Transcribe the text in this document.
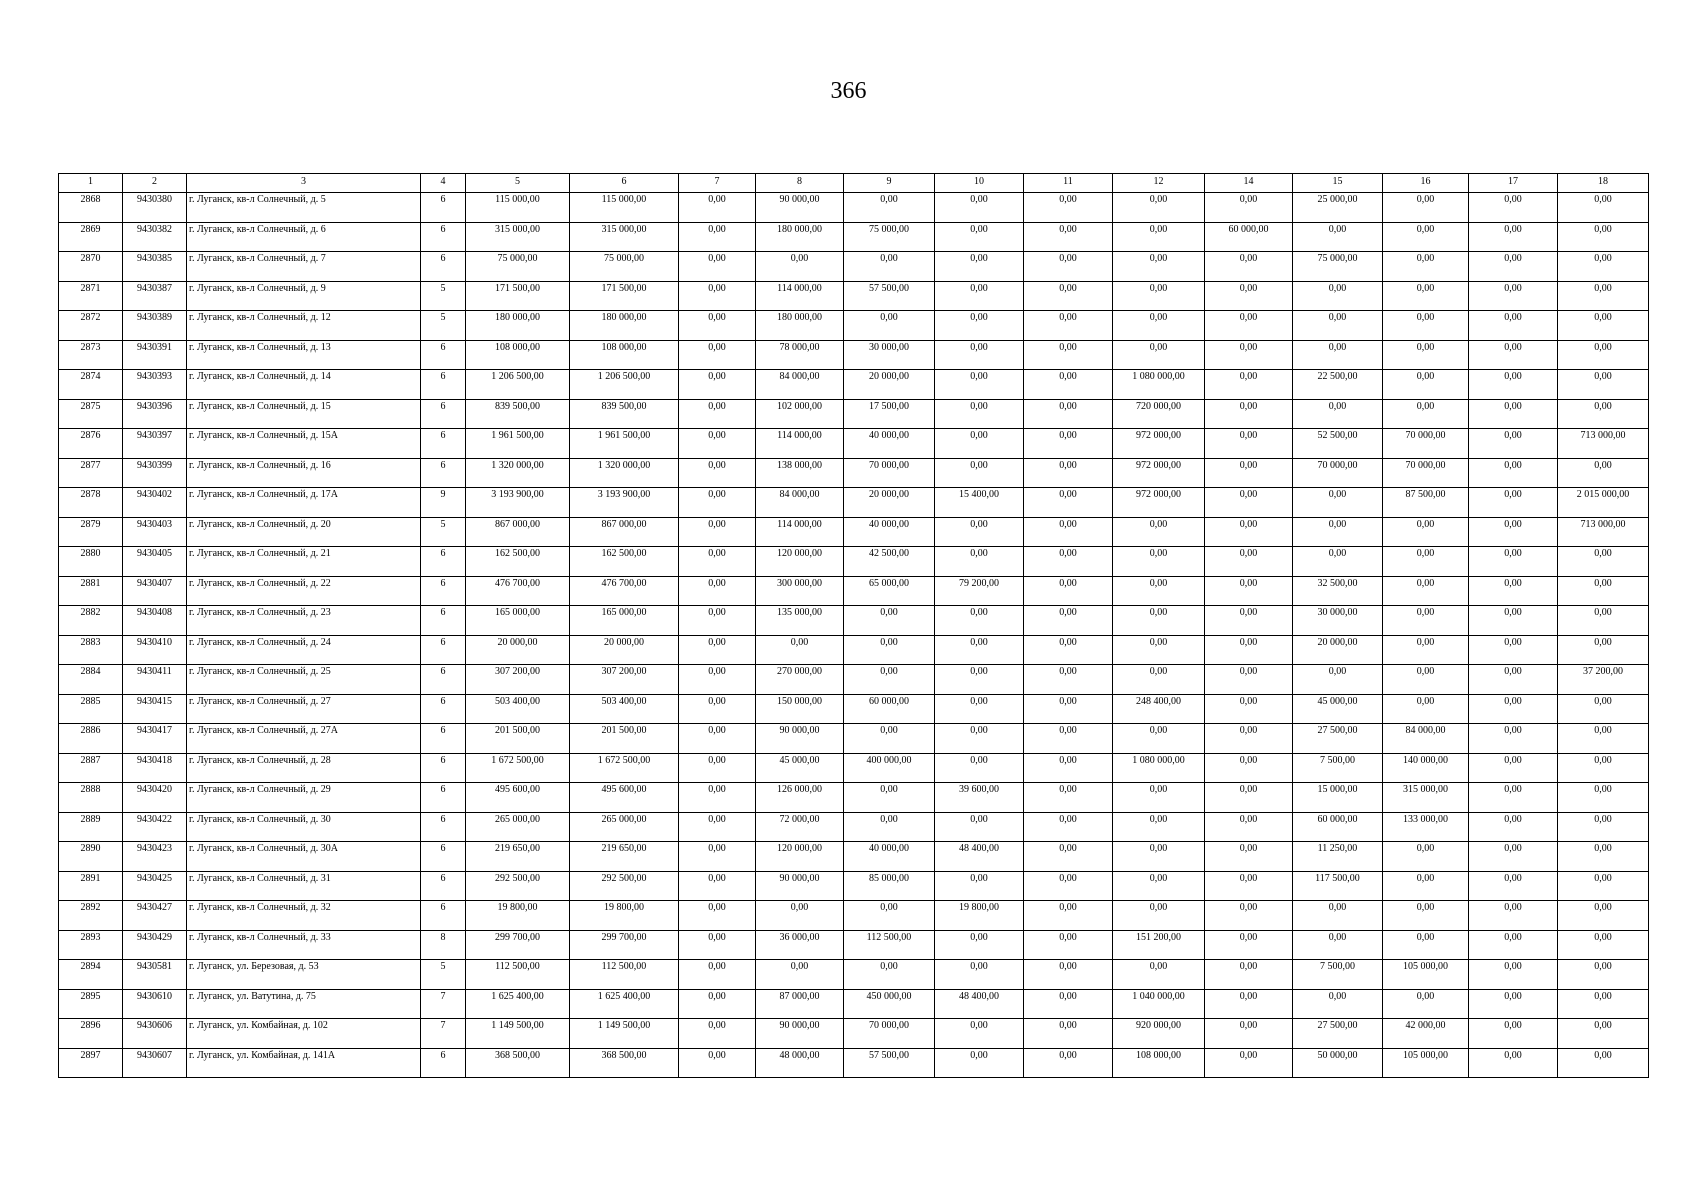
366
1	2	3	4	5	6	7	8	9	10	11	12	14	15	16	17	18
2868	9430380	г. Луганск, кв-л Солнечный, д. 5	6	115 000,00	115 000,00	0,00	90 000,00	0,00	0,00	0,00	0,00	0,00	25 000,00	0,00	0,00	0,00
2869	9430382	г. Луганск, кв-л Солнечный, д. 6	6	315 000,00	315 000,00	0,00	180 000,00	75 000,00	0,00	0,00	0,00	60 000,00	0,00	0,00	0,00	0,00
2870	9430385	г. Луганск, кв-л Солнечный, д. 7	6	75 000,00	75 000,00	0,00	0,00	0,00	0,00	0,00	0,00	0,00	75 000,00	0,00	0,00	0,00
2871	9430387	г. Луганск, кв-л Солнечный, д. 9	5	171 500,00	171 500,00	0,00	114 000,00	57 500,00	0,00	0,00	0,00	0,00	0,00	0,00	0,00	0,00
2872	9430389	г. Луганск, кв-л Солнечный, д. 12	5	180 000,00	180 000,00	0,00	180 000,00	0,00	0,00	0,00	0,00	0,00	0,00	0,00	0,00	0,00
2873	9430391	г. Луганск, кв-л Солнечный, д. 13	6	108 000,00	108 000,00	0,00	78 000,00	30 000,00	0,00	0,00	0,00	0,00	0,00	0,00	0,00	0,00
2874	9430393	г. Луганск, кв-л Солнечный, д. 14	6	1 206 500,00	1 206 500,00	0,00	84 000,00	20 000,00	0,00	0,00	1 080 000,00	0,00	22 500,00	0,00	0,00	0,00
2875	9430396	г. Луганск, кв-л Солнечный, д. 15	6	839 500,00	839 500,00	0,00	102 000,00	17 500,00	0,00	0,00	720 000,00	0,00	0,00	0,00	0,00	0,00
2876	9430397	г. Луганск, кв-л Солнечный, д. 15А	6	1 961 500,00	1 961 500,00	0,00	114 000,00	40 000,00	0,00	0,00	972 000,00	0,00	52 500,00	70 000,00	0,00	713 000,00
2877	9430399	г. Луганск, кв-л Солнечный, д. 16	6	1 320 000,00	1 320 000,00	0,00	138 000,00	70 000,00	0,00	0,00	972 000,00	0,00	70 000,00	70 000,00	0,00	0,00
2878	9430402	г. Луганск, кв-л Солнечный, д. 17А	9	3 193 900,00	3 193 900,00	0,00	84 000,00	20 000,00	15 400,00	0,00	972 000,00	0,00	0,00	87 500,00	0,00	2 015 000,00
2879	9430403	г. Луганск, кв-л Солнечный, д. 20	5	867 000,00	867 000,00	0,00	114 000,00	40 000,00	0,00	0,00	0,00	0,00	0,00	0,00	0,00	713 000,00
2880	9430405	г. Луганск, кв-л Солнечный, д. 21	6	162 500,00	162 500,00	0,00	120 000,00	42 500,00	0,00	0,00	0,00	0,00	0,00	0,00	0,00	0,00
2881	9430407	г. Луганск, кв-л Солнечный, д. 22	6	476 700,00	476 700,00	0,00	300 000,00	65 000,00	79 200,00	0,00	0,00	0,00	32 500,00	0,00	0,00	0,00
2882	9430408	г. Луганск, кв-л Солнечный, д. 23	6	165 000,00	165 000,00	0,00	135 000,00	0,00	0,00	0,00	0,00	0,00	30 000,00	0,00	0,00	0,00
2883	9430410	г. Луганск, кв-л Солнечный, д. 24	6	20 000,00	20 000,00	0,00	0,00	0,00	0,00	0,00	0,00	0,00	20 000,00	0,00	0,00	0,00
2884	9430411	г. Луганск, кв-л Солнечный, д. 25	6	307 200,00	307 200,00	0,00	270 000,00	0,00	0,00	0,00	0,00	0,00	0,00	0,00	0,00	37 200,00
2885	9430415	г. Луганск, кв-л Солнечный, д. 27	6	503 400,00	503 400,00	0,00	150 000,00	60 000,00	0,00	0,00	248 400,00	0,00	45 000,00	0,00	0,00	0,00
2886	9430417	г. Луганск, кв-л Солнечный, д. 27А	6	201 500,00	201 500,00	0,00	90 000,00	0,00	0,00	0,00	0,00	0,00	27 500,00	84 000,00	0,00	0,00
2887	9430418	г. Луганск, кв-л Солнечный, д. 28	6	1 672 500,00	1 672 500,00	0,00	45 000,00	400 000,00	0,00	0,00	1 080 000,00	0,00	7 500,00	140 000,00	0,00	0,00
2888	9430420	г. Луганск, кв-л Солнечный, д. 29	6	495 600,00	495 600,00	0,00	126 000,00	0,00	39 600,00	0,00	0,00	0,00	15 000,00	315 000,00	0,00	0,00
2889	9430422	г. Луганск, кв-л Солнечный, д. 30	6	265 000,00	265 000,00	0,00	72 000,00	0,00	0,00	0,00	0,00	0,00	60 000,00	133 000,00	0,00	0,00
2890	9430423	г. Луганск, кв-л Солнечный, д. 30А	6	219 650,00	219 650,00	0,00	120 000,00	40 000,00	48 400,00	0,00	0,00	0,00	11 250,00	0,00	0,00	0,00
2891	9430425	г. Луганск, кв-л Солнечный, д. 31	6	292 500,00	292 500,00	0,00	90 000,00	85 000,00	0,00	0,00	0,00	0,00	117 500,00	0,00	0,00	0,00
2892	9430427	г. Луганск, кв-л Солнечный, д. 32	6	19 800,00	19 800,00	0,00	0,00	0,00	19 800,00	0,00	0,00	0,00	0,00	0,00	0,00	0,00
2893	9430429	г. Луганск, кв-л Солнечный, д. 33	8	299 700,00	299 700,00	0,00	36 000,00	112 500,00	0,00	0,00	151 200,00	0,00	0,00	0,00	0,00	0,00
2894	9430581	г. Луганск, ул. Березовая, д. 53	5	112 500,00	112 500,00	0,00	0,00	0,00	0,00	0,00	0,00	0,00	7 500,00	105 000,00	0,00	0,00
2895	9430610	г. Луганск, ул. Ватутина, д. 75	7	1 625 400,00	1 625 400,00	0,00	87 000,00	450 000,00	48 400,00	0,00	1 040 000,00	0,00	0,00	0,00	0,00	0,00
2896	9430606	г. Луганск, ул. Комбайная, д. 102	7	1 149 500,00	1 149 500,00	0,00	90 000,00	70 000,00	0,00	0,00	920 000,00	0,00	27 500,00	42 000,00	0,00	0,00
2897	9430607	г. Луганск, ул. Комбайная, д. 141А	6	368 500,00	368 500,00	0,00	48 000,00	57 500,00	0,00	0,00	108 000,00	0,00	50 000,00	105 000,00	0,00	0,00
